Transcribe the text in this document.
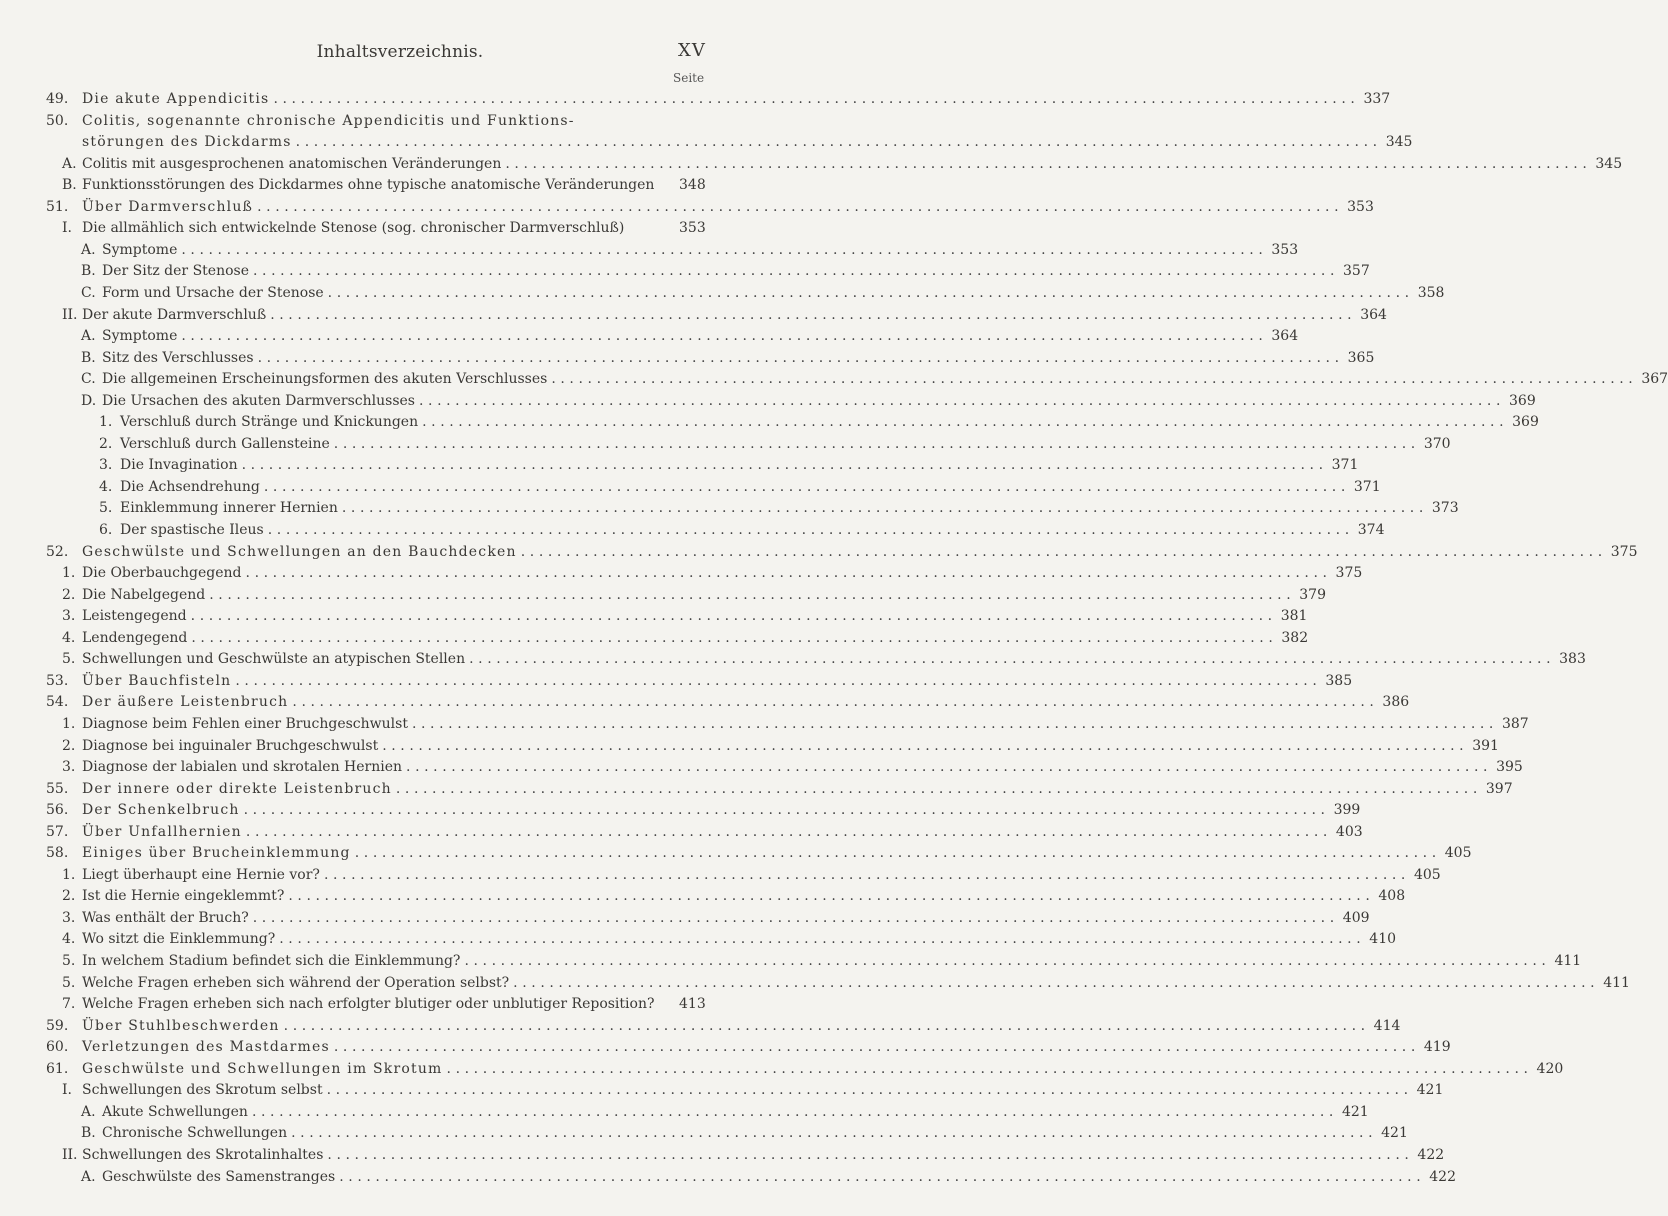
Inhaltsverzeichnis.	XV
Seite
49. Die akute Appendicitis ........................................................................................................................ 337
50. Colitis, sogenannte chronische Appendicitis und Funktions-
störungen des Dickdarms ........................................................................................................................ 345
A. Colitis mit ausgesprochenen anatomischen Veränderungen ........................................................................................................................ 345
B. Funktionsstörungen des Dickdarmes ohne typische anatomische Veränderungen 348
51. Über Darmverschluß ........................................................................................................................ 353
I. Die allmählich sich entwickelnde Stenose (sog. chronischer Darmverschluß)	353
A. Symptome ........................................................................................................................ 353
B. Der Sitz der Stenose ........................................................................................................................ 357
C. Form und Ursache der Stenose ........................................................................................................................ 358
II. Der akute Darmverschluß ........................................................................................................................ 364
A. Symptome ........................................................................................................................ 364
B. Sitz des Verschlusses ........................................................................................................................ 365
C. Die allgemeinen Erscheinungsformen des akuten Verschlusses ........................................................................................................................ 367
D. Die Ursachen des akuten Darmverschlusses ........................................................................................................................ 369
1. Verschluß durch Stränge und Knickungen ........................................................................................................................ 369
2. Verschluß durch Gallensteine ........................................................................................................................ 370
3. Die Invagination ........................................................................................................................ 371
4. Die Achsendrehung ........................................................................................................................ 371
5. Einklemmung innerer Hernien ........................................................................................................................ 373
6. Der spastische Ileus ........................................................................................................................ 374
52. Geschwülste und Schwellungen an den Bauchdecken ........................................................................................................................ 375
1. Die Oberbauchgegend ........................................................................................................................ 375
2. Die Nabelgegend ........................................................................................................................ 379
3. Leistengegend ........................................................................................................................ 381
4. Lendengegend ........................................................................................................................ 382
5. Schwellungen und Geschwülste an atypischen Stellen ........................................................................................................................ 383
53. Über Bauchfisteln ........................................................................................................................ 385
54. Der äußere Leistenbruch ........................................................................................................................ 386
1. Diagnose beim Fehlen einer Bruchgeschwulst ........................................................................................................................ 387
2. Diagnose bei inguinaler Bruchgeschwulst ........................................................................................................................ 391
3. Diagnose der labialen und skrotalen Hernien ........................................................................................................................ 395
55. Der innere oder direkte Leistenbruch ........................................................................................................................ 397
56. Der Schenkelbruch ........................................................................................................................ 399
57. Über Unfallhernien ........................................................................................................................ 403
58. Einiges über Brucheinklemmung ........................................................................................................................ 405
1. Liegt überhaupt eine Hernie vor? ........................................................................................................................ 405
2. Ist die Hernie eingeklemmt? ........................................................................................................................ 408
3. Was enthält der Bruch? ........................................................................................................................ 409
4. Wo sitzt die Einklemmung? ........................................................................................................................ 410
5. In welchem Stadium befindet sich die Einklemmung? ........................................................................................................................ 411
5. Welche Fragen erheben sich während der Operation selbst? ........................................................................................................................ 411
7. Welche Fragen erheben sich nach erfolgter blutiger oder unblutiger Reposition? 413
59. Über Stuhlbeschwerden ........................................................................................................................ 414
60. Verletzungen des Mastdarmes ........................................................................................................................ 419
61. Geschwülste und Schwellungen im Skrotum ........................................................................................................................ 420
I. Schwellungen des Skrotum selbst ........................................................................................................................ 421
A. Akute Schwellungen ........................................................................................................................ 421
B. Chronische Schwellungen ........................................................................................................................ 421
II. Schwellungen des Skrotalinhaltes ........................................................................................................................ 422
A. Geschwülste des Samenstranges ........................................................................................................................ 422
